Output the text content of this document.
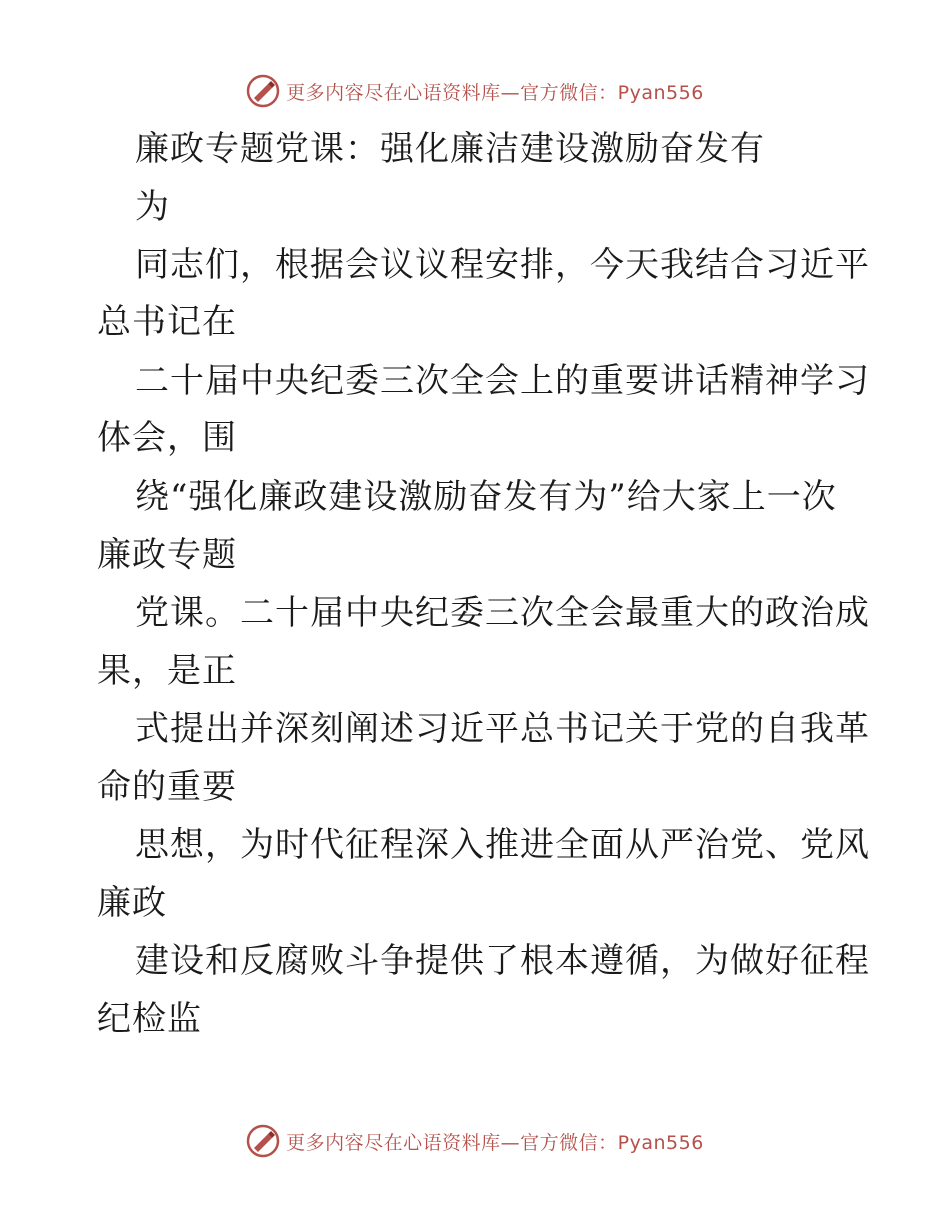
更多内容尽在心语资料库—官方微信：Pyan556
廉政专题党课：强化廉洁建设激励奋发有
为
同志们，根据会议议程安排，今天我结合习近平
总书记在
二十届中央纪委三次全会上的重要讲话精神学习
体会，围
绕“强化廉政建设激励奋发有为”给大家上一次
廉政专题
党课。二十届中央纪委三次全会最重大的政治成
果，是正
式提出并深刻阐述习近平总书记关于党的自我革
命的重要
思想，为时代征程深入推进全面从严治党、党风
廉政
建设和反腐败斗争提供了根本遵循，为做好征程
纪检监
更多内容尽在心语资料库—官方微信：Pyan556
